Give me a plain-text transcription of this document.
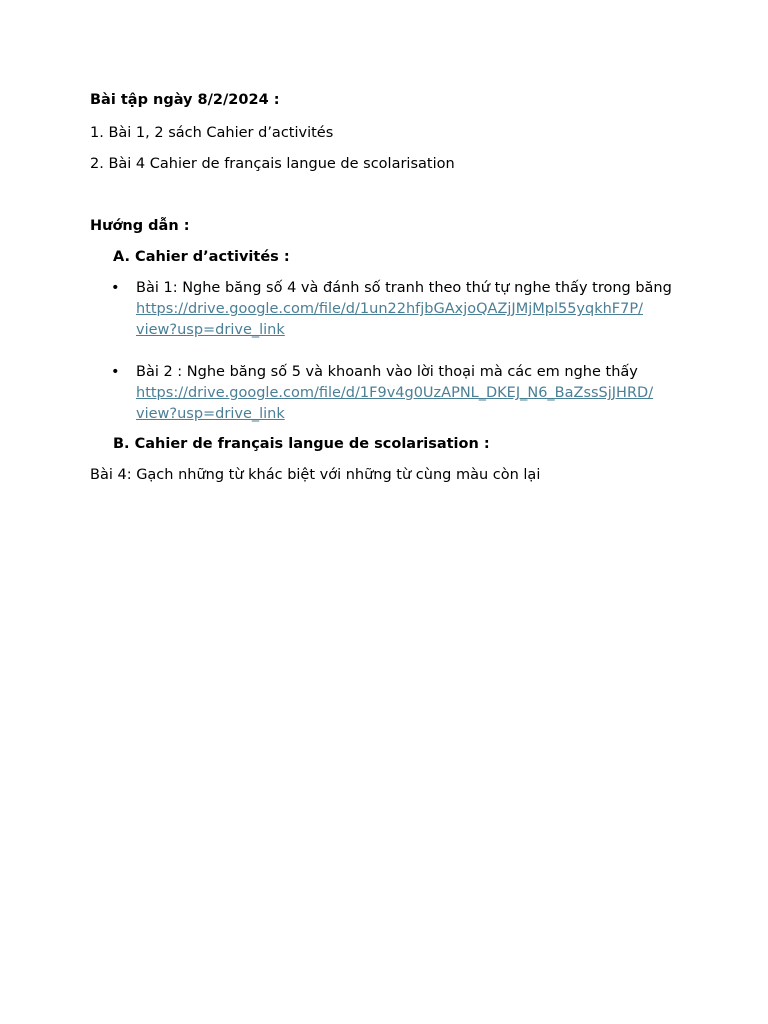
Bài tập ngày 8/2/2024 :
1. Bài 1, 2 sách Cahier d’activités
2. Bài 4 Cahier de français langue de scolarisation
Hướng dẫn :
A. Cahier d’activités :
•	Bài 1: Nghe băng số 4 và đánh số tranh theo thứ tự nghe thấy trong băng
https://drive.google.com/file/d/1un22hfjbGAxjoQAZjJMjMpl55yqkhF7P/
view?usp=drive_link
•	Bài 2 : Nghe băng số 5 và khoanh vào lời thoại mà các em nghe thấy
https://drive.google.com/file/d/1F9v4g0UzAPNL_DKEJ_N6_BaZssSjJHRD/
view?usp=drive_link
B. Cahier de français langue de scolarisation :
Bài 4: Gạch những từ khác biệt với những từ cùng màu còn lại
